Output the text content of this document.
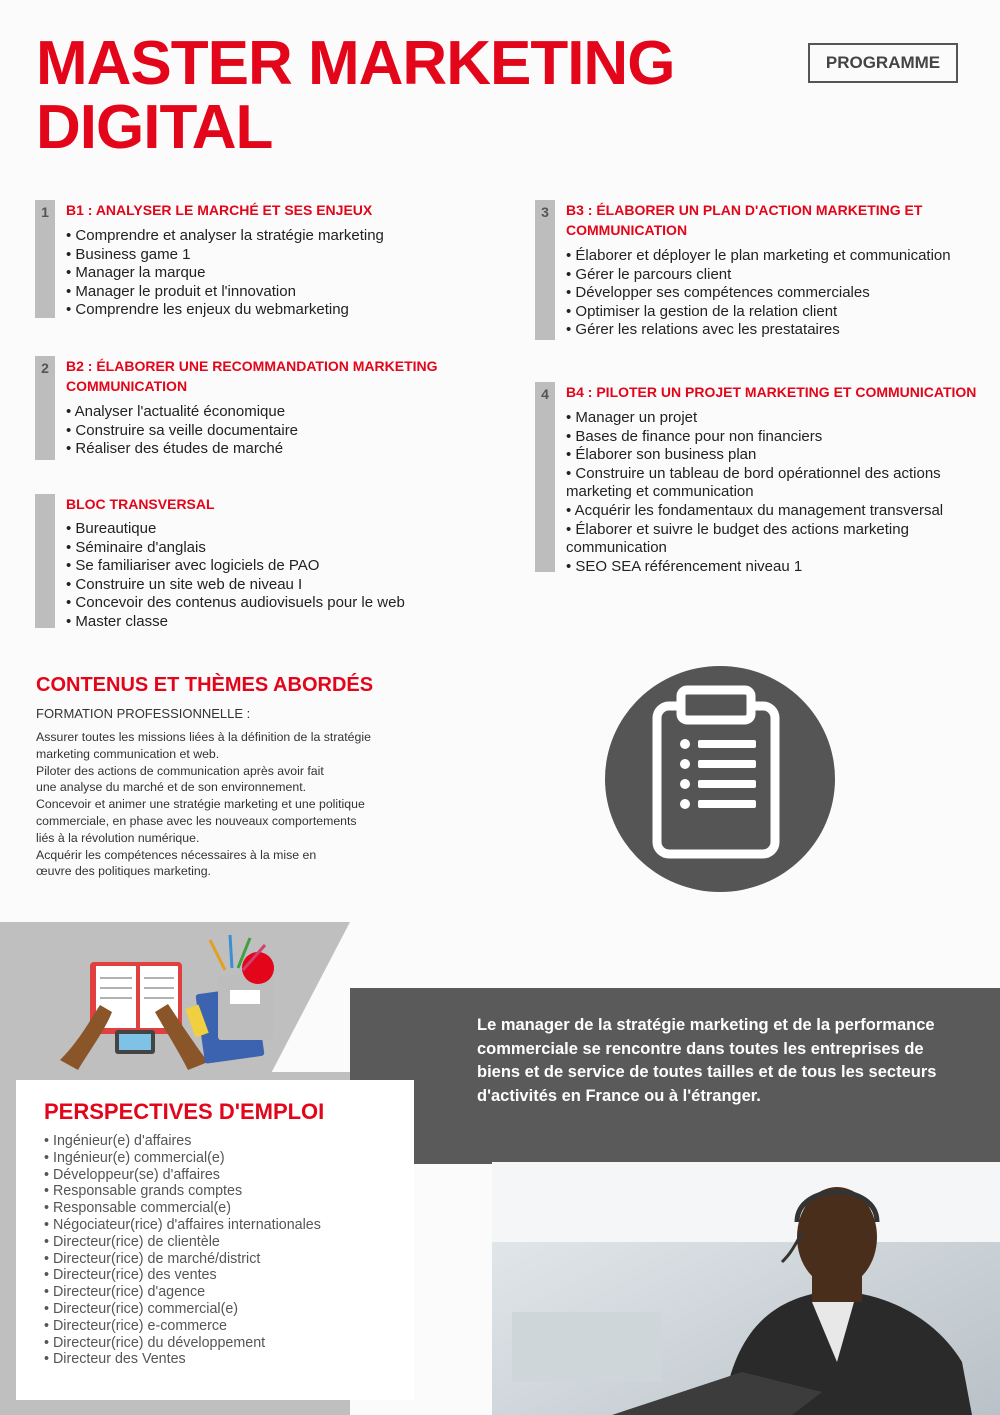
MASTER MARKETING
DIGITAL
PROGRAMME
1	B1 : ANALYSER LE MARCHÉ ET SES ENJEUX
• Comprendre et analyser la stratégie marketing
• Business game 1
• Manager la marque
• Manager le produit et l'innovation
• Comprendre les enjeux du webmarketing
2	B2 : ÉLABORER UNE RECOMMANDATION MARKETING
COMMUNICATION
• Analyser l'actualité économique
• Construire sa veille documentaire
• Réaliser des études de marché
BLOC TRANSVERSAL
• Bureautique
• Séminaire d'anglais
• Se familiariser avec logiciels de PAO
• Construire un site web de niveau I
• Concevoir des contenus audiovisuels pour le web
• Master classe
3	B3 : ÉLABORER UN PLAN D'ACTION MARKETING ET
COMMUNICATION
• Élaborer et déployer le plan marketing et communication
• Gérer le parcours client
• Développer ses compétences commerciales
• Optimiser la gestion de la relation client
• Gérer les relations avec les prestataires
4	B4 : PILOTER UN PROJET MARKETING ET COMMUNICATION
• Manager un projet
• Bases de finance pour non financiers
• Élaborer son business plan
• Construire un tableau de bord opérationnel des actions marketing et communication
• Acquérir les fondamentaux du management transversal
• Élaborer et suivre le budget des actions marketing communication
• SEO SEA référencement niveau 1
CONTENUS ET THÈMES ABORDÉS
FORMATION PROFESSIONNELLE :

Assurer toutes les missions liées à la définition de la stratégie

marketing communication et web.

Piloter des actions de communication après avoir fait

une analyse du marché et de son environnement.

Concevoir et animer une stratégie marketing et une politique

commerciale, en phase avec les nouveaux comportements

liés à la révolution numérique.

Acquérir les compétences nécessaires à la mise en

œuvre des politiques marketing.

Le manager de la stratégie marketing et de la performance commerciale se rencontre dans toutes les entreprises de biens et de service de toutes tailles et de tous les secteurs d'activités en France ou à l'étranger.
PERSPECTIVES D'EMPLOI
• Ingénieur(e) d'affaires
• Ingénieur(e) commercial(e)
• Développeur(se) d'affaires
• Responsable grands comptes
• Responsable commercial(e)
• Négociateur(rice) d'affaires internationales
• Directeur(rice) de clientèle
• Directeur(rice) de marché/district
• Directeur(rice) des ventes
• Directeur(rice) d'agence
• Directeur(rice) commercial(e)
• Directeur(rice) e-commerce
• Directeur(rice) du développement
• Directeur des Ventes
